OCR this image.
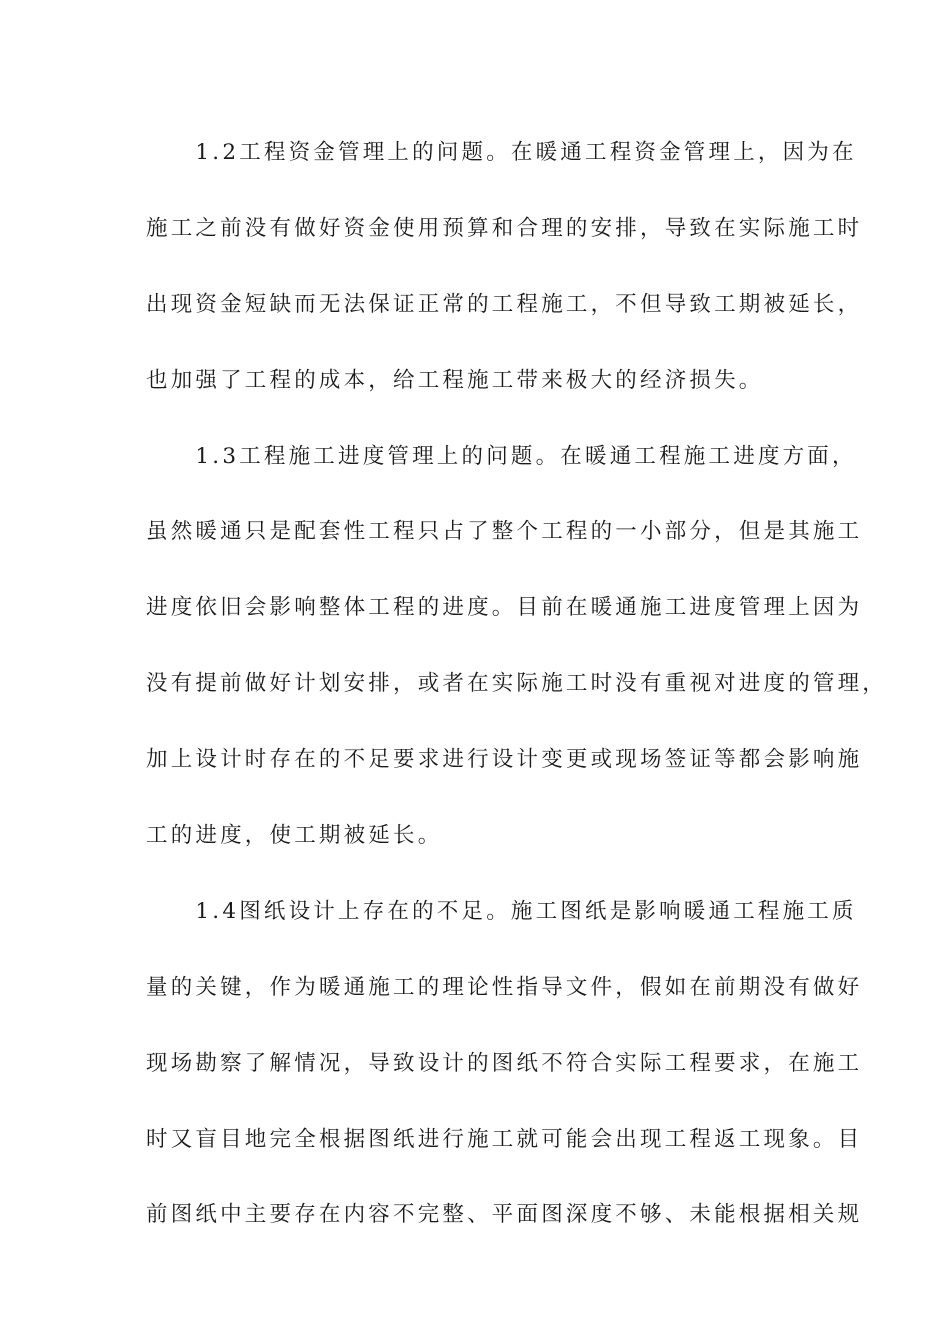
　　1.2工程资金管理上的问题。在暖通工程资金管理上，因为在
施工之前没有做好资金使用预算和合理的安排，导致在实际施工时
出现资金短缺而无法保证正常的工程施工，不但导致工期被延长，
也加强了工程的成本，给工程施工带来极大的经济损失。
　　1.3工程施工进度管理上的问题。在暖通工程施工进度方面，
虽然暖通只是配套性工程只占了整个工程的一小部分，但是其施工
进度依旧会影响整体工程的进度。目前在暖通施工进度管理上因为
没有提前做好计划安排，或者在实际施工时没有重视对进度的管理，
加上设计时存在的不足要求进行设计变更或现场签证等都会影响施
工的进度，使工期被延长。
　　1.4图纸设计上存在的不足。施工图纸是影响暖通工程施工质
量的关键，作为暖通施工的理论性指导文件，假如在前期没有做好
现场勘察了解情况，导致设计的图纸不符合实际工程要求，在施工
时又盲目地完全根据图纸进行施工就可能会出现工程返工现象。目
前图纸中主要存在内容不完整、平面图深度不够、未能根据相关规
